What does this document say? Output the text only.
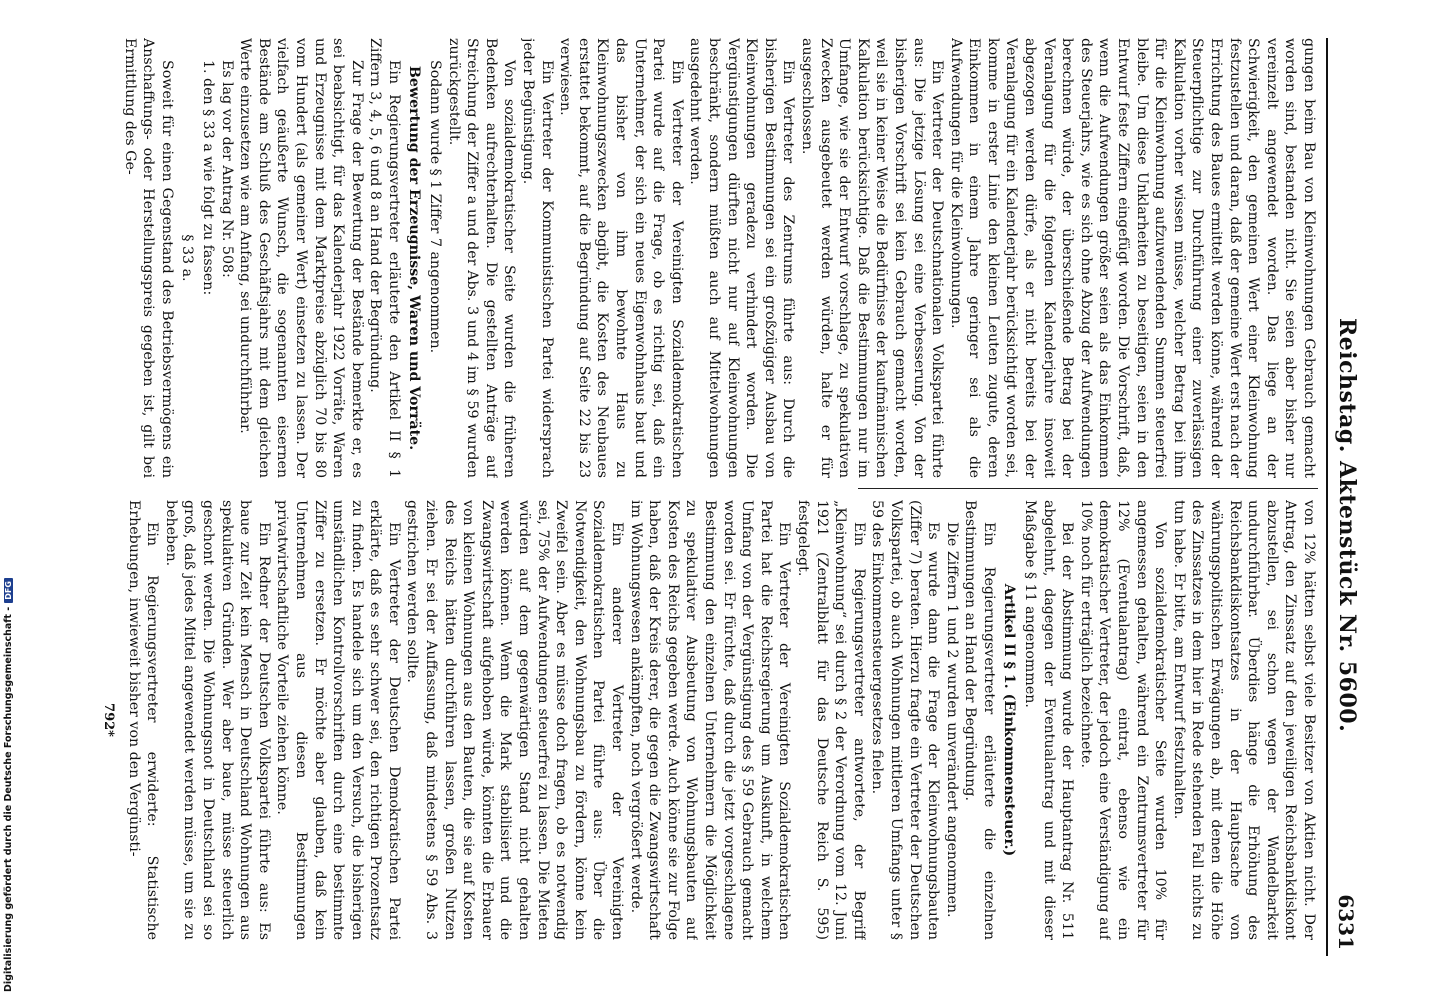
Reichstag. Aktenstück Nr. 5600.
6331

gungen beim Bau von Kleinwohnungen Gebrauch gemacht worden sind, bestanden nicht. Sie seien aber bisher nur vereinzelt angewendet worden. Das liege an der Schwierigkeit, den gemeinen Wert einer Kleinwohnung festzustellen und daran, daß der gemeine Wert erst nach der Errichtung des Baues ermittelt werden könne, während der Steuerpflichtige zur Durchführung einer zuverlässigen Kalkulation vorher wissen müsse, welcher Betrag bei ihm für die Kleinwohnung aufzuwendenden Summen steuerfrei bleibe. Um diese Unklarheiten zu beseitigen, seien in den Entwurf feste Ziffern eingefügt worden. Die Vorschrift, daß, wenn die Aufwendungen größer seien als das Einkommen des Steuerjahrs, wie es sich ohne Abzug der Aufwendungen berechnen würde, der überschießende Betrag bei der Veranlagung für die folgenden Kalenderjahre insoweit abgezogen werden dürfe, als er nicht bereits bei der Veranlagung für ein Kalenderjahr berücksichtigt worden sei, komme in erster Linie den kleinen Leuten zugute, deren Einkommen in einem Jahre geringer sei als die Aufwendungen für die Kleinwohnungen.

Ein Vertreter der Deutschnationalen Volkspartei führte aus: Die jetzige Lösung sei eine Verbesserung. Von der bisherigen Vorschrift sei kein Gebrauch gemacht worden, weil sie in keiner Weise die Bedürfnisse der kaufmännischen Kalkulation berücksichtige. Daß die Bestimmungen nur im Umfange, wie sie der Entwurf vorschlage, zu spekulativen Zwecken ausgebeutet werden würden, halte er für ausgeschlossen.

Ein Vertreter des Zentrums führte aus: Durch die bisherigen Bestimmungen sei ein großzügiger Ausbau von Kleinwohnungen geradezu verhindert worden. Die Vergünstigungen dürften nicht nur auf Kleinwohnungen beschränkt, sondern müßten auch auf Mittelwohnungen ausgedehnt werden.

Ein Vertreter der Vereinigten Sozialdemokratischen Partei wurde auf die Frage, ob es richtig sei, daß ein Unternehmer, der sich ein neues Eigenwohnhaus baut und das bisher von ihm bewohnte Haus zu Kleinwohnungszwecken abgibt, die Kosten des Neubaues erstattet bekommt, auf die Begründung auf Seite 22 bis 23 verwiesen.

Ein Vertreter der Kommunistischen Partei widersprach jeder Begünstigung.

Von sozialdemokratischer Seite wurden die früheren Bedenken aufrechterhalten. Die gestellten Anträge auf Streichung der Ziffer a und der Abs. 3 und 4 im § 59 wurden zurückgestellt.

Sodann wurde § 1 Ziffer 7 angenommen.

Bewertung der Erzeugnisse, Waren und Vorräte.

Ein Regierungsvertreter erläuterte den Artikel II § 1 Ziffern 3, 4, 5, 6 und 8 an Hand der Begründung.

Zur Frage der Bewertung der Bestände bemerkte er, es sei beabsichtigt, für das Kalenderjahr 1922 Vorräte, Waren und Erzeugnisse mit dem Marktpreise abzüglich 70 bis 80 vom Hundert (als gemeiner Wert) einsetzen zu lassen. Der vielfach geäußerte Wunsch, die sogenannten eisernen Bestände am Schluß des Geschäftsjahrs mit dem gleichen Werte einzusetzen wie am Anfang, sei undurchführbar.

Es lag vor der Antrag Nr. 508:

1. den § 33 a wie folgt zu fassen:

§ 33 a.

Soweit für einen Gegenstand des Betriebsvermögens ein Anschaffungs- oder Herstellungspreis gegeben ist, gilt bei Ermittlung des Ge-

von 12% hätten selbst viele Besitzer von Aktien nicht. Der Antrag, den Zinssatz auf den jeweiligen Reichsbankdiskont abzustellen, sei schon wegen der Wandelbarkeit undurchführbar. Überdies hänge die Erhöhung des Reichsbankdiskontsatzes in der Hauptsache von währungspolitischen Erwägungen ab, mit denen die Höhe des Zinssatzes in dem hier in Rede stehenden Fall nichts zu tun habe. Er bitte, am Entwurf festzuhalten.

Von sozialdemokratischer Seite wurden 10% für angemessen gehalten, während ein Zentrumsvertreter für 12% (Eventualantrag) eintrat, ebenso wie ein demokratischer Vertreter, der jedoch eine Verständigung auf 10% noch für erträglich bezeichnete.

Bei der Abstimmung wurde der Hauptantrag Nr. 511 abgelehnt, dagegen der Eventualantrag und mit dieser Maßgabe § 11 angenommen.

Artikel II § 1. (Einkommensteuer.)

Ein Regierungsvertreter erläuterte die einzelnen Bestimmungen an Hand der Begründung.

Die Ziffern 1 und 2 wurden unverändert angenommen.

Es wurde dann die Frage der Kleinwohnungsbauten (Ziffer 7) beraten. Hierzu fragte ein Vertreter der Deutschen Volkspartei, ob auch Wohnungen mittleren Umfangs unter § 59 des Einkommensteuergesetzes fielen.

Ein Regierungsvertreter antwortete, der Begriff „Kleinwohnung“ sei durch § 2 der Verordnung vom 12. Juni 1921 (Zentralblatt für das Deutsche Reich S. 595) festgelegt.

Ein Vertreter der Vereinigten Sozialdemokratischen Partei hat die Reichsregierung um Auskunft, in welchem Umfang von der Vergünstigung des § 59 Gebrauch gemacht worden sei. Er fürchte, daß durch die jetzt vorgeschlagene Bestimmung den einzelnen Unternehmern die Möglichkeit zu spekulativer Ausbeutung von Wohnungsbauten auf Kosten des Reichs gegeben werde. Auch könne sie zur Folge haben, daß der Kreis derer, die gegen die Zwangswirtschaft im Wohnungswesen ankämpften, noch vergrößert werde.

Ein anderer Vertreter der Vereinigten Sozialdemokratischen Partei führte aus: Über die Notwendigkeit, den Wohnungsbau zu fördern, könne kein Zweifel sein. Aber es müsse doch fragen, ob es notwendig sei, 75% der Aufwendungen steuerfrei zu lassen. Die Mieten würden auf dem gegenwärtigen Stand nicht gehalten werden können. Wenn die Mark stabilisiert und die Zwangswirtschaft aufgehoben würde, könnten die Erbauer von kleinen Wohnungen aus den Bauten, die sie auf Kosten des Reichs hätten durchführen lassen, großen Nutzen ziehen. Er sei der Auffassung, daß mindestens § 59 Abs. 3 gestrichen werden sollte.

Ein Vertreter der Deutschen Demokratischen Partei erklärte, daß es sehr schwer sei, den richtigen Prozentsatz zu finden. Es handele sich um den Versuch, die bisherigen umständlichen Kontrollvorschriften durch eine bestimmte Ziffer zu ersetzen. Er möchte aber glauben, daß kein Unternehmen aus diesen Bestimmungen privatwirtschaftliche Vorteile ziehen könne.

Ein Redner der Deutschen Volkspartei führte aus: Es baue zur Zeit kein Mensch in Deutschland Wohnungen aus spekulativen Gründen. Wer aber baue, müsse steuerlich geschont werden. Die Wohnungsnot in Deutschland sei so groß, daß jedes Mittel angewendet werden müsse, um sie zu beheben.

Ein Regierungsvertreter erwiderte: Statistische Erhebungen, inwieweit bisher von den Vergünsti-

792*
Digitalisierung gefördert durch die Deutsche Forschungsgemeinschaft -DFG
